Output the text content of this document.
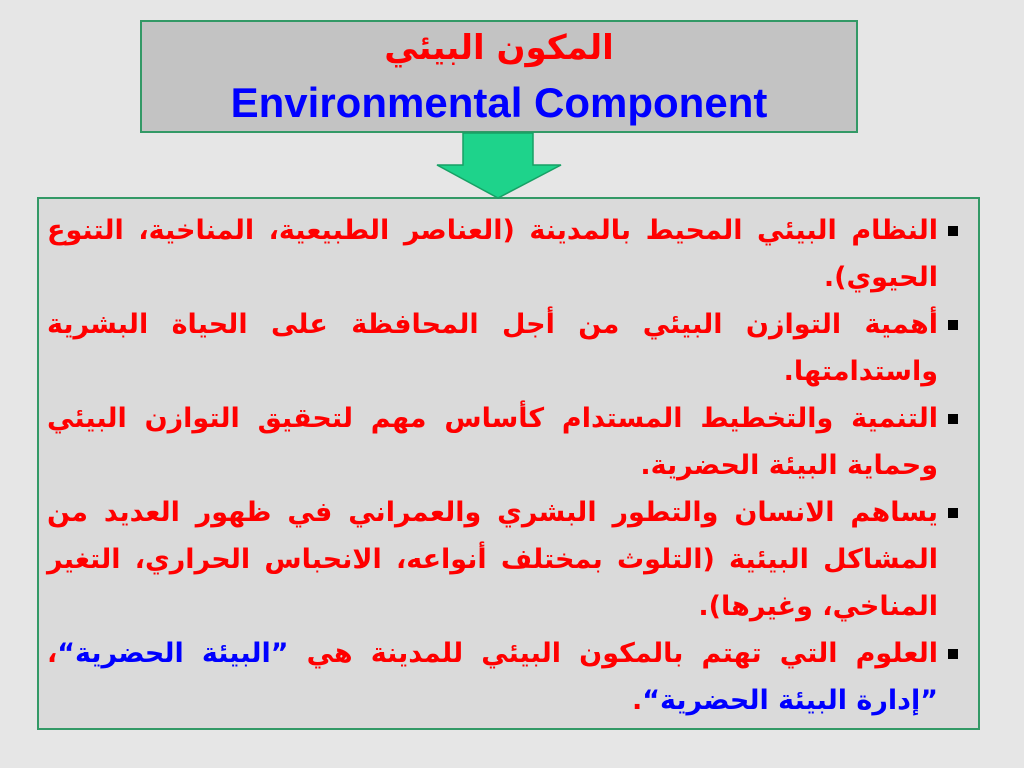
المكون البيئي
Environmental Component
النظام البيئي المحيط بالمدينة (العناصر الطبيعية، المناخية، التنوع الحيوي).
أهمية التوازن البيئي من أجل المحافظة على الحياة البشرية واستدامتها.
التنمية والتخطيط المستدام كأساس مهم لتحقيق التوازن البيئي وحماية البيئة الحضرية.
يساهم الانسان والتطور البشري والعمراني في ظهور العديد من المشاكل البيئية (التلوث بمختلف أنواعه، الانحباس الحراري، التغير المناخي، وغيرها).
العلوم التي تهتم بالمكون البيئي للمدينة هي ”البيئة الحضرية“، ”إدارة البيئة الحضرية“.
